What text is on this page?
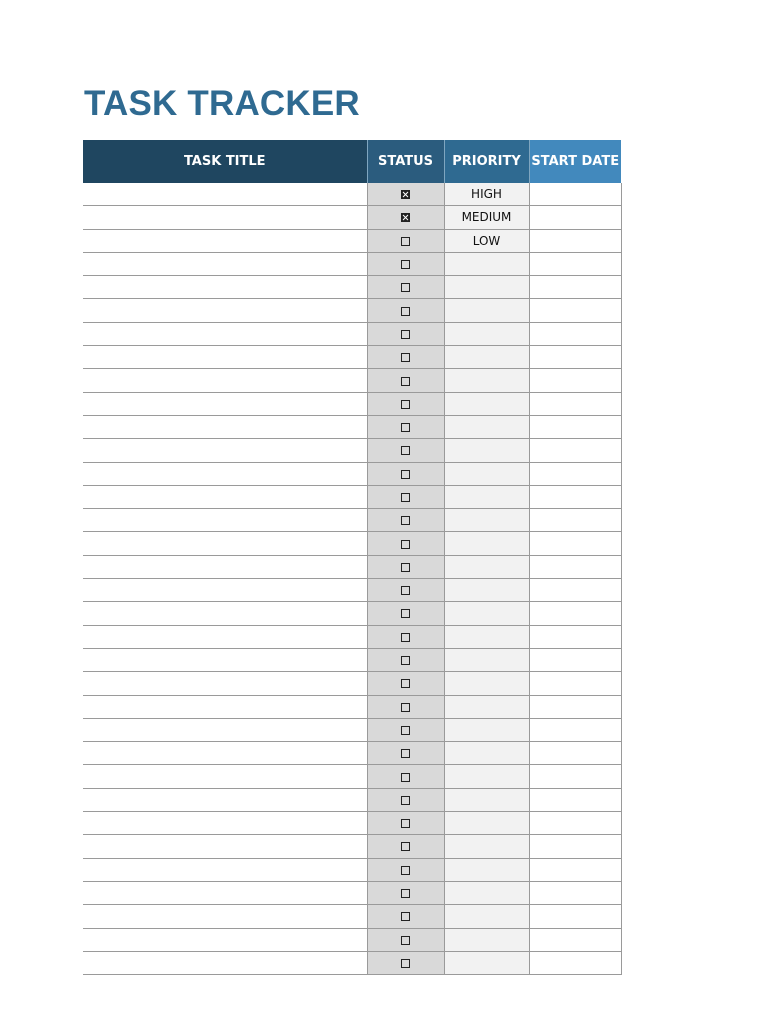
TASK TRACKER
TASK TITLE	STATUS	PRIORITY	START DATE
		HIGH	
		MEDIUM	
		LOW	
